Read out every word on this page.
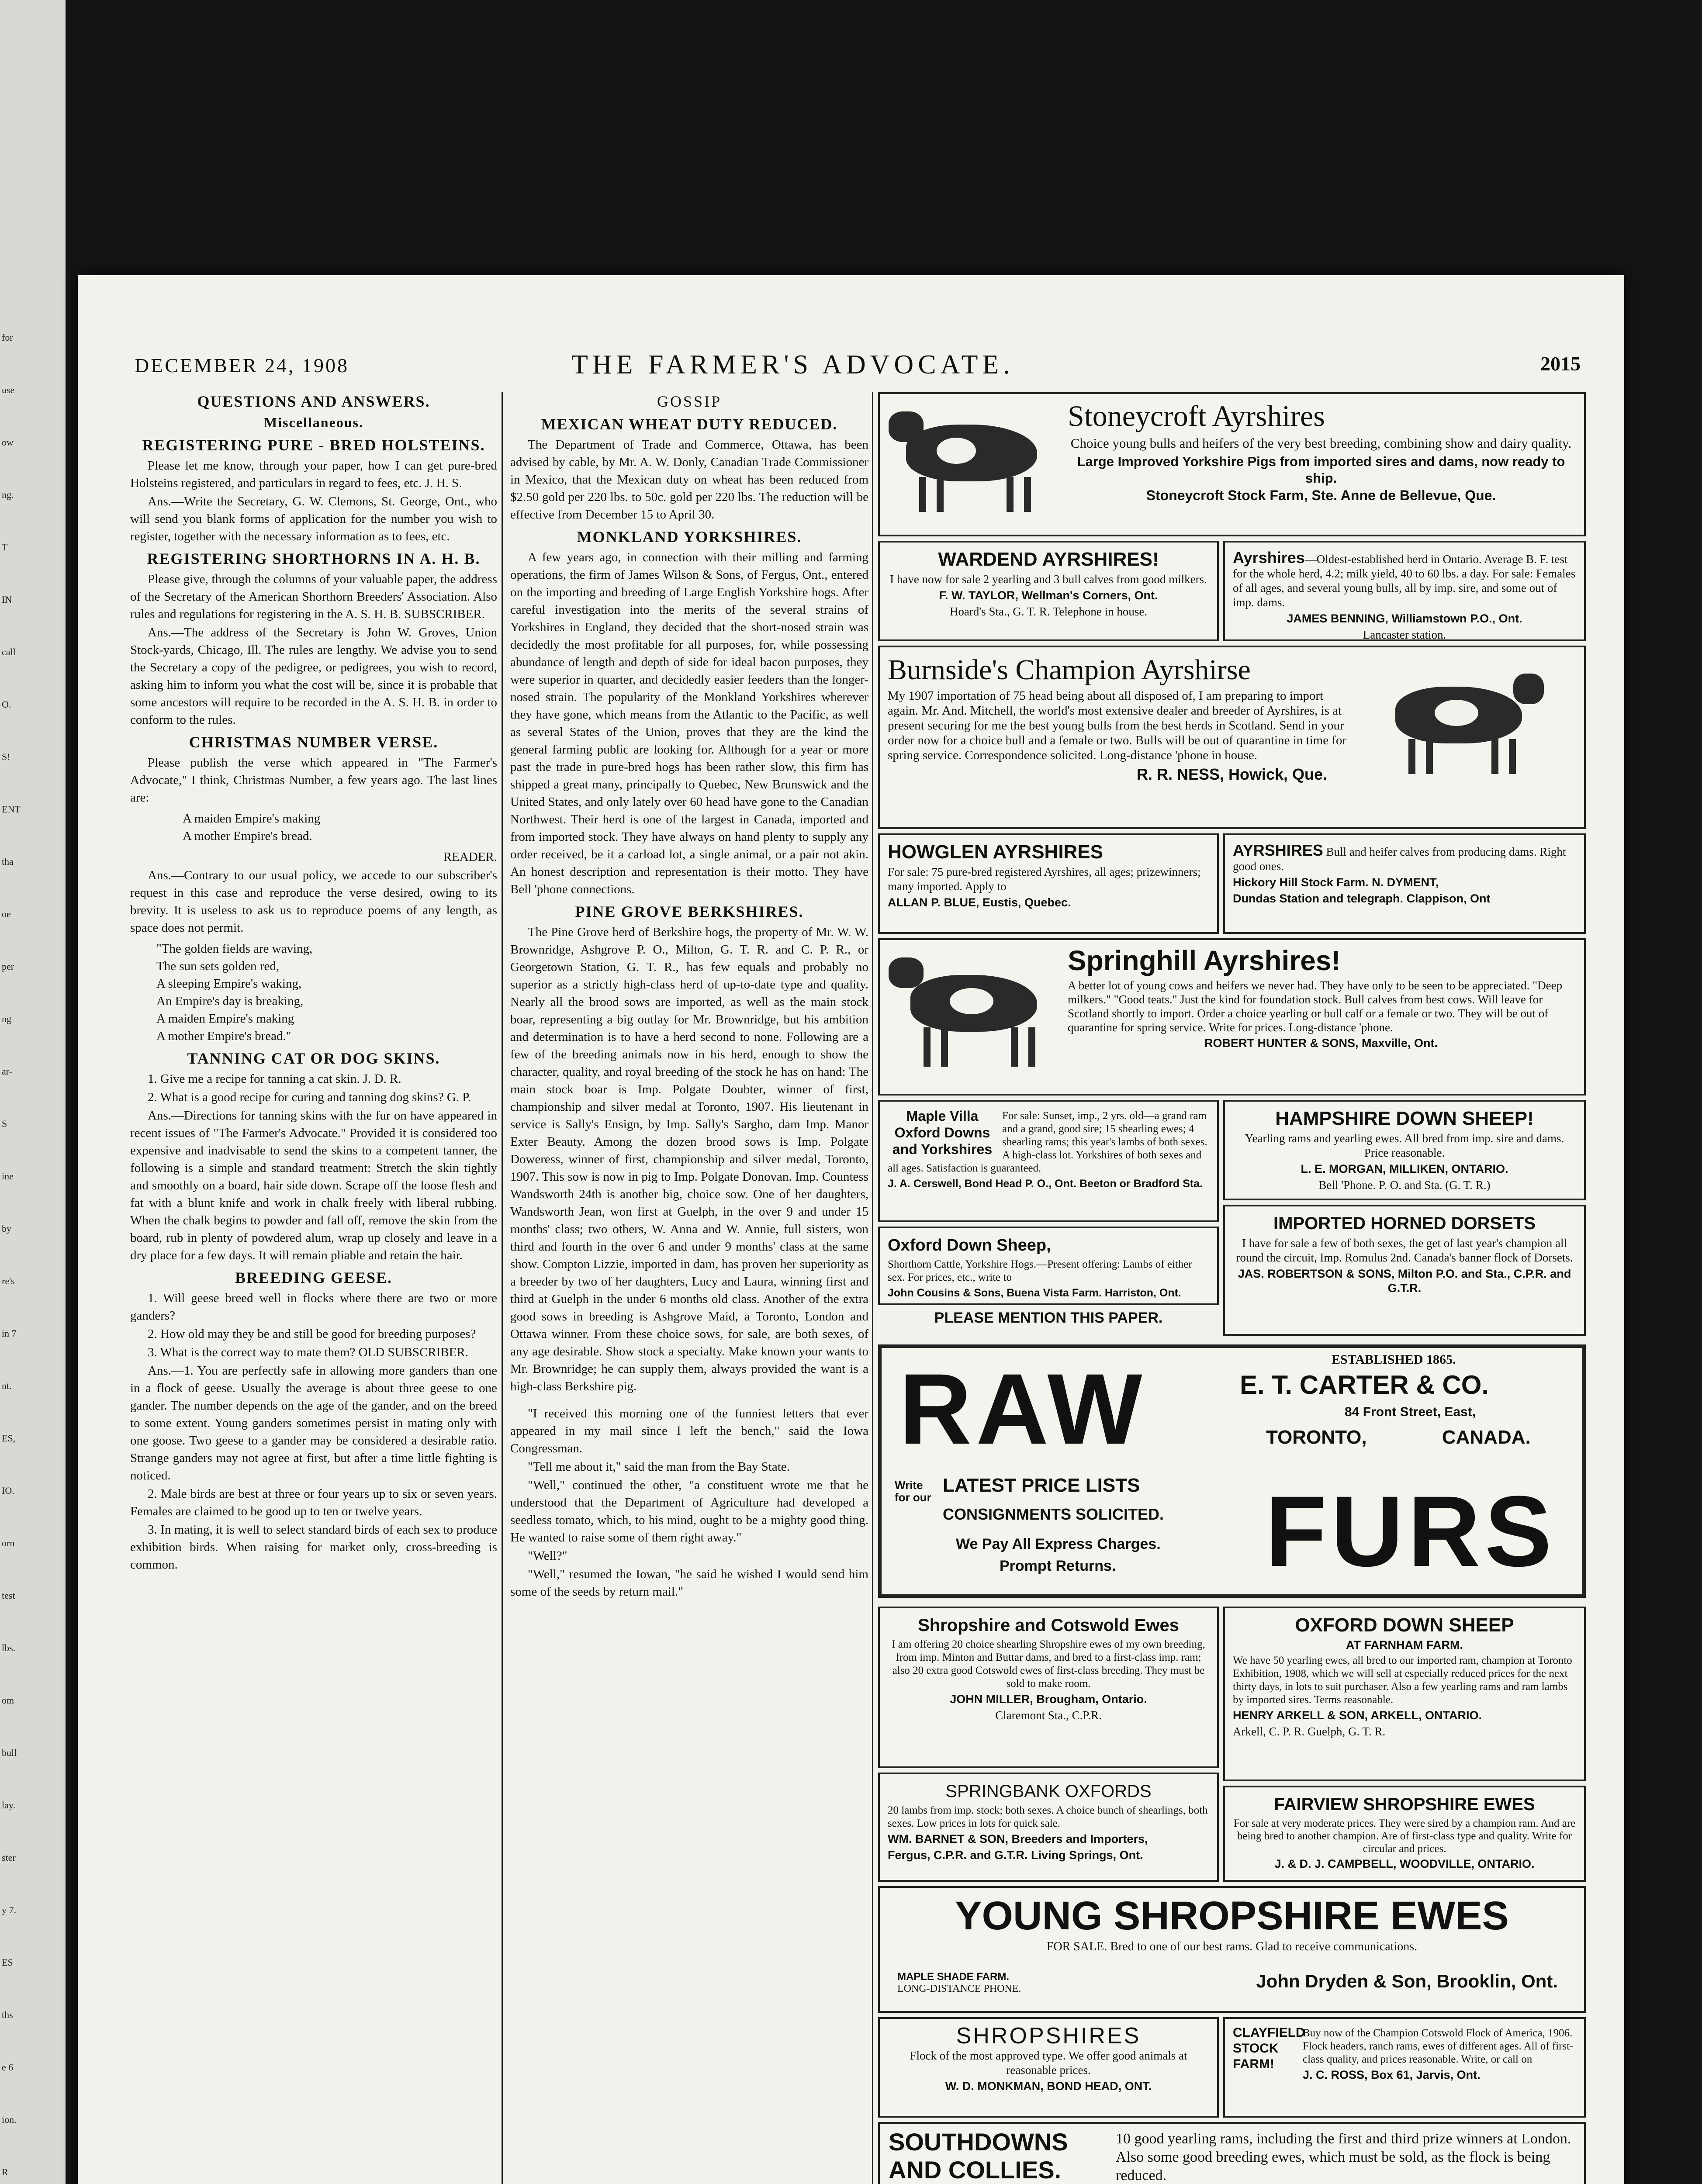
for
use
ow
ng.
T
IN
call
O.
S!
ENT
tha
oe
per
ng
ar-
S
ine
by
re's
in 7
nt.
ES,
IO.
orn
test
lbs.
om
bull
lay.
ster
y 7.
ES
ths
e 6
ion.
R
DECEMBER 24, 1908	THE FARMER'S ADVOCATE.	2015
QUESTIONS AND ANSWERS.
Miscellaneous.
REGISTERING PURE - BRED HOLSTEINS.

Please let me know, through your paper, how I can get pure-bred Holsteins registered, and particulars in regard to fees, etc. J. H. S.

Ans.—Write the Secretary, G. W. Clemons, St. George, Ont., who will send you blank forms of application for the number you wish to register, together with the necessary information as to fees, etc.

REGISTERING SHORTHORNS IN A. H. B.

Please give, through the columns of your valuable paper, the address of the Secretary of the American Shorthorn Breeders' Association. Also rules and regulations for registering in the A. S. H. B. SUBSCRIBER.

Ans.—The address of the Secretary is John W. Groves, Union Stock-yards, Chicago, Ill. The rules are lengthy. We advise you to send the Secretary a copy of the pedigree, or pedigrees, you wish to record, asking him to inform you what the cost will be, since it is probable that some ancestors will require to be recorded in the A. S. H. B. in order to conform to the rules.

CHRISTMAS NUMBER VERSE.

Please publish the verse which appeared in "The Farmer's Advocate," I think, Christmas Number, a few years ago. The last lines are:

A maiden Empire's making
A mother Empire's bread.

READER.

Ans.—Contrary to our usual policy, we accede to our subscriber's request in this case and reproduce the verse desired, owing to its brevity. It is useless to ask us to reproduce poems of any length, as space does not permit.

"The golden fields are waving,
The sun sets golden red,
A sleeping Empire's waking,
An Empire's day is breaking,
A maiden Empire's making
A mother Empire's bread."
TANNING CAT OR DOG SKINS.

1. Give me a recipe for tanning a cat skin. J. D. R.

2. What is a good recipe for curing and tanning dog skins? G. P.

Ans.—Directions for tanning skins with the fur on have appeared in recent issues of "The Farmer's Advocate." Provided it is considered too expensive and inadvisable to send the skins to a competent tanner, the following is a simple and standard treatment: Stretch the skin tightly and smoothly on a board, hair side down. Scrape off the loose flesh and fat with a blunt knife and work in chalk freely with liberal rubbing. When the chalk begins to powder and fall off, remove the skin from the board, rub in plenty of powdered alum, wrap up closely and leave in a dry place for a few days. It will remain pliable and retain the hair.

BREEDING GEESE.

1. Will geese breed well in flocks where there are two or more ganders?

2. How old may they be and still be good for breeding purposes?

3. What is the correct way to mate them? OLD SUBSCRIBER.

Ans.—1. You are perfectly safe in allowing more ganders than one in a flock of geese. Usually the average is about three geese to one gander. The number depends on the age of the gander, and on the breed to some extent. Young ganders sometimes persist in mating only with one goose. Two geese to a gander may be considered a desirable ratio. Strange ganders may not agree at first, but after a time little fighting is noticed.

2. Male birds are best at three or four years up to six or seven years. Females are claimed to be good up to ten or twelve years.

3. In mating, it is well to select standard birds of each sex to produce exhibition birds. When raising for market only, cross-breeding is common.

GOSSIP
MEXICAN WHEAT DUTY REDUCED.

The Department of Trade and Commerce, Ottawa, has been advised by cable, by Mr. A. W. Donly, Canadian Trade Commissioner in Mexico, that the Mexican duty on wheat has been reduced from $2.50 gold per 220 lbs. to 50c. gold per 220 lbs. The reduction will be effective from December 15 to April 30.

MONKLAND YORKSHIRES.

A few years ago, in connection with their milling and farming operations, the firm of James Wilson & Sons, of Fergus, Ont., entered on the importing and breeding of Large English Yorkshire hogs. After careful investigation into the merits of the several strains of Yorkshires in England, they decided that the short-nosed strain was decidedly the most profitable for all purposes, for, while possessing abundance of length and depth of side for ideal bacon purposes, they were superior in quarter, and decidedly easier feeders than the longer-nosed strain. The popularity of the Monkland Yorkshires wherever they have gone, which means from the Atlantic to the Pacific, as well as several States of the Union, proves that they are the kind the general farming public are looking for. Although for a year or more past the trade in pure-bred hogs has been rather slow, this firm has shipped a great many, principally to Quebec, New Brunswick and the United States, and only lately over 60 head have gone to the Canadian Northwest. Their herd is one of the largest in Canada, imported and from imported stock. They have always on hand plenty to supply any order received, be it a carload lot, a single animal, or a pair not akin. An honest description and representation is their motto. They have Bell 'phone connections.

PINE GROVE BERKSHIRES.

The Pine Grove herd of Berkshire hogs, the property of Mr. W. W. Brownridge, Ashgrove P. O., Milton, G. T. R. and C. P. R., or Georgetown Station, G. T. R., has few equals and probably no superior as a strictly high-class herd of up-to-date type and quality. Nearly all the brood sows are imported, as well as the main stock boar, representing a big outlay for Mr. Brownridge, but his ambition and determination is to have a herd second to none. Following are a few of the breeding animals now in his herd, enough to show the character, quality, and royal breeding of the stock he has on hand: The main stock boar is Imp. Polgate Doubter, winner of first, championship and silver medal at Toronto, 1907. His lieutenant in service is Sally's Ensign, by Imp. Sally's Sargho, dam Imp. Manor Exter Beauty. Among the dozen brood sows is Imp. Polgate Doweress, winner of first, championship and silver medal, Toronto, 1907. This sow is now in pig to Imp. Polgate Donovan. Imp. Countess Wandsworth 24th is another big, choice sow. One of her daughters, Wandsworth Jean, won first at Guelph, in the over 9 and under 15 months' class; two others, W. Anna and W. Annie, full sisters, won third and fourth in the over 6 and under 9 months' class at the same show. Compton Lizzie, imported in dam, has proven her superiority as a breeder by two of her daughters, Lucy and Laura, winning first and third at Guelph in the under 6 months old class. Another of the extra good sows in breeding is Ashgrove Maid, a Toronto, London and Ottawa winner. From these choice sows, for sale, are both sexes, of any age desirable. Show stock a specialty. Make known your wants to Mr. Brownridge; he can supply them, always provided the want is a high-class Berkshire pig.

"I received this morning one of the funniest letters that ever appeared in my mail since I left the bench," said the Iowa Congressman.

"Tell me about it," said the man from the Bay State.

"Well," continued the other, "a constituent wrote me that he understood that the Department of Agriculture had developed a seedless tomato, which, to his mind, ought to be a mighty good thing. He wanted to raise some of them right away."

"Well?"

"Well," resumed the Iowan, "he said he wished I would send him some of the seeds by return mail."

Stoneycroft Ayrshires

Choice young bulls and heifers of the very best breeding, combining show and dairy quality.

Large Improved Yorkshire Pigs from imported sires and dams, now ready to ship.

Stoneycroft Stock Farm, Ste. Anne de Bellevue, Que.

WARDEND AYRSHIRES!

I have now for sale 2 yearling and 3 bull calves from good milkers.

F. W. TAYLOR, Wellman's Corners, Ont.

Hoard's Sta., G. T. R. Telephone in house.

Ayrshires—Oldest-established herd in Ontario. Average B. F. test for the whole herd, 4.2; milk yield, 40 to 60 lbs. a day. For sale: Females of all ages, and several young bulls, all by imp. sire, and some out of imp. dams.

JAMES BENNING, Williamstown P.O., Ont.

Lancaster station.

Burnside's Champion Ayrshirse

My 1907 importation of 75 head being about all disposed of, I am preparing to import again. Mr. And. Mitchell, the world's most extensive dealer and breeder of Ayrshires, is at present securing for me the best young bulls from the best herds in Scotland. Send in your order now for a choice bull and a female or two. Bulls will be out of quarantine in time for spring service. Correspondence solicited. Long-distance 'phone in house.

R. R. NESS, Howick, Que.

HOWGLEN AYRSHIRES

For sale: 75 pure-bred registered Ayrshires, all ages; prizewinners; many imported. Apply to

ALLAN P. BLUE, Eustis, Quebec.

AYRSHIRES Bull and heifer calves from producing dams. Right good ones.

Hickory Hill Stock Farm. N. DYMENT,

Dundas Station and telegraph. Clappison, Ont

Springhill Ayrshires!

A better lot of young cows and heifers we never had. They have only to be seen to be appreciated. "Deep milkers." "Good teats." Just the kind for foundation stock. Bull calves from best cows. Will leave for Scotland shortly to import. Order a choice yearling or bull calf or a female or two. They will be out of quarantine for spring service. Write for prices. Long-distance 'phone.

ROBERT HUNTER & SONS, Maxville, Ont.

Maple Villa Oxford Downs and Yorkshires

For sale: Sunset, imp., 2 yrs. old—a grand ram and a grand, good sire; 15 shearling ewes; 4 shearling rams; this year's lambs of both sexes. A high-class lot. Yorkshires of both sexes and all ages. Satisfaction is guaranteed.

J. A. Cerswell, Bond Head P. O., Ont. Beeton or Bradford Sta.

HAMPSHIRE DOWN SHEEP!

Yearling rams and yearling ewes. All bred from imp. sire and dams. Price reasonable.

L. E. MORGAN, MILLIKEN, ONTARIO.

Bell 'Phone. P. O. and Sta. (G. T. R.)

Oxford Down Sheep,

Shorthorn Cattle, Yorkshire Hogs.—Present offering: Lambs of either sex. For prices, etc., write to

John Cousins & Sons, Buena Vista Farm. Harriston, Ont.

IMPORTED HORNED DORSETS

I have for sale a few of both sexes, the get of last year's champion all round the circuit, Imp. Romulus 2nd. Canada's banner flock of Dorsets.

JAS. ROBERTSON & SONS, Milton P.O. and Sta., C.P.R. and G.T.R.

PLEASE MENTION THIS PAPER.
RAW
FURS
ESTABLISHED 1865.
E. T. CARTER & CO.
84 Front Street, East,
TORONTO, CANADA.
Write for our
LATEST PRICE LISTS
CONSIGNMENTS SOLICITED.
We Pay All Express Charges.
Prompt Returns.
Shropshire and Cotswold Ewes

I am offering 20 choice shearling Shropshire ewes of my own breeding, from imp. Minton and Buttar dams, and bred to a first-class imp. ram; also 20 extra good Cotswold ewes of first-class breeding. They must be sold to make room.

JOHN MILLER, Brougham, Ontario.

Claremont Sta., C.P.R.

OXFORD DOWN SHEEP

AT FARNHAM FARM.

We have 50 yearling ewes, all bred to our imported ram, champion at Toronto Exhibition, 1908, which we will sell at especially reduced prices for the next thirty days, in lots to suit purchaser. Also a few yearling rams and ram lambs by imported sires. Terms reasonable.

HENRY ARKELL & SON, ARKELL, ONTARIO.

Arkell, C. P. R. Guelph, G. T. R.

SPRINGBANK OXFORDS

20 lambs from imp. stock; both sexes. A choice bunch of shearlings, both sexes. Low prices in lots for quick sale.

WM. BARNET & SON, Breeders and Importers,

Fergus, C.P.R. and G.T.R. Living Springs, Ont.

FAIRVIEW SHROPSHIRE EWES

For sale at very moderate prices. They were sired by a champion ram. And are being bred to another champion. Are of first-class type and quality. Write for circular and prices.

J. & D. J. CAMPBELL, WOODVILLE, ONTARIO.

YOUNG SHROPSHIRE EWES

FOR SALE. Bred to one of our best rams. Glad to receive communications.

MAPLE SHADE FARM.
LONG-DISTANCE PHONE.	John Dryden & Son, Brooklin, Ont.
SHROPSHIRES

Flock of the most approved type. We offer good animals at reasonable prices.

W. D. MONKMAN, BOND HEAD, ONT.

CLAYFIELD STOCK FARM!

Buy now of the Champion Cotswold Flock of America, 1906. Flock headers, ranch rams, ewes of different ages. All of first-class quality, and prices reasonable. Write, or call on

J. C. ROSS, Box 61, Jarvis, Ont.

SOUTHDOWNS AND COLLIES.

10 good yearling rams, including the first and third prize winners at London. Also some good breeding ewes, which must be sold, as the flock is being reduced.
